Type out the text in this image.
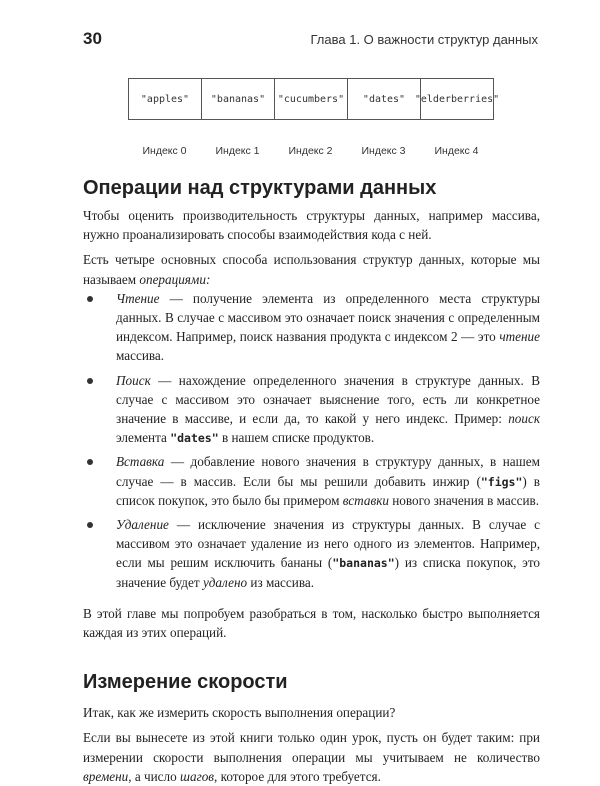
30	Глава 1. О важности структур данных
"apples"	"bananas"	"cucumbers"	"dates" "elderberries"
Индекс 0	Индекс 1	Индекс 2	Индекс 3	Индекс 4
Операции над структурами данных

Чтобы оценить производительность структуры данных, например массива, нужно проанализировать способы взаимодействия кода с ней.

Есть четыре основных способа использования структур данных, которые мы называем операциями:

Чтение — получение элемента из определенного места структуры данных. В случае с массивом это означает поиск значения с определенным индексом. Например, поиск названия продукта с индексом 2 — это чтение массива.
Поиск — нахождение определенного значения в структуре данных. В случае с массивом это означает выяснение того, есть ли конкретное значение в массиве, и если да, то какой у него индекс. Пример: поиск элемента "dates" в нашем списке продуктов.
Вставка — добавление нового значения в структуру данных, в нашем случае — в массив. Если бы мы решили добавить инжир ("figs") в список покупок, это было бы примером вставки нового значения в массив.
Удаление — исключение значения из структуры данных. В случае с массивом это означает удаление из него одного из элементов. Например, если мы решим исключить бананы ("bananas") из списка покупок, это значение будет удалено из массива.

В этой главе мы попробуем разобраться в том, насколько быстро выполняется каждая из этих операций.

Измерение скорости

Итак, как же измерить скорость выполнения операции?

Если вы вынесете из этой книги только один урок, пусть он будет таким: при измерении скорости выполнения операции мы учитываем не количество времени, а число шагов, которое для этого требуется.
